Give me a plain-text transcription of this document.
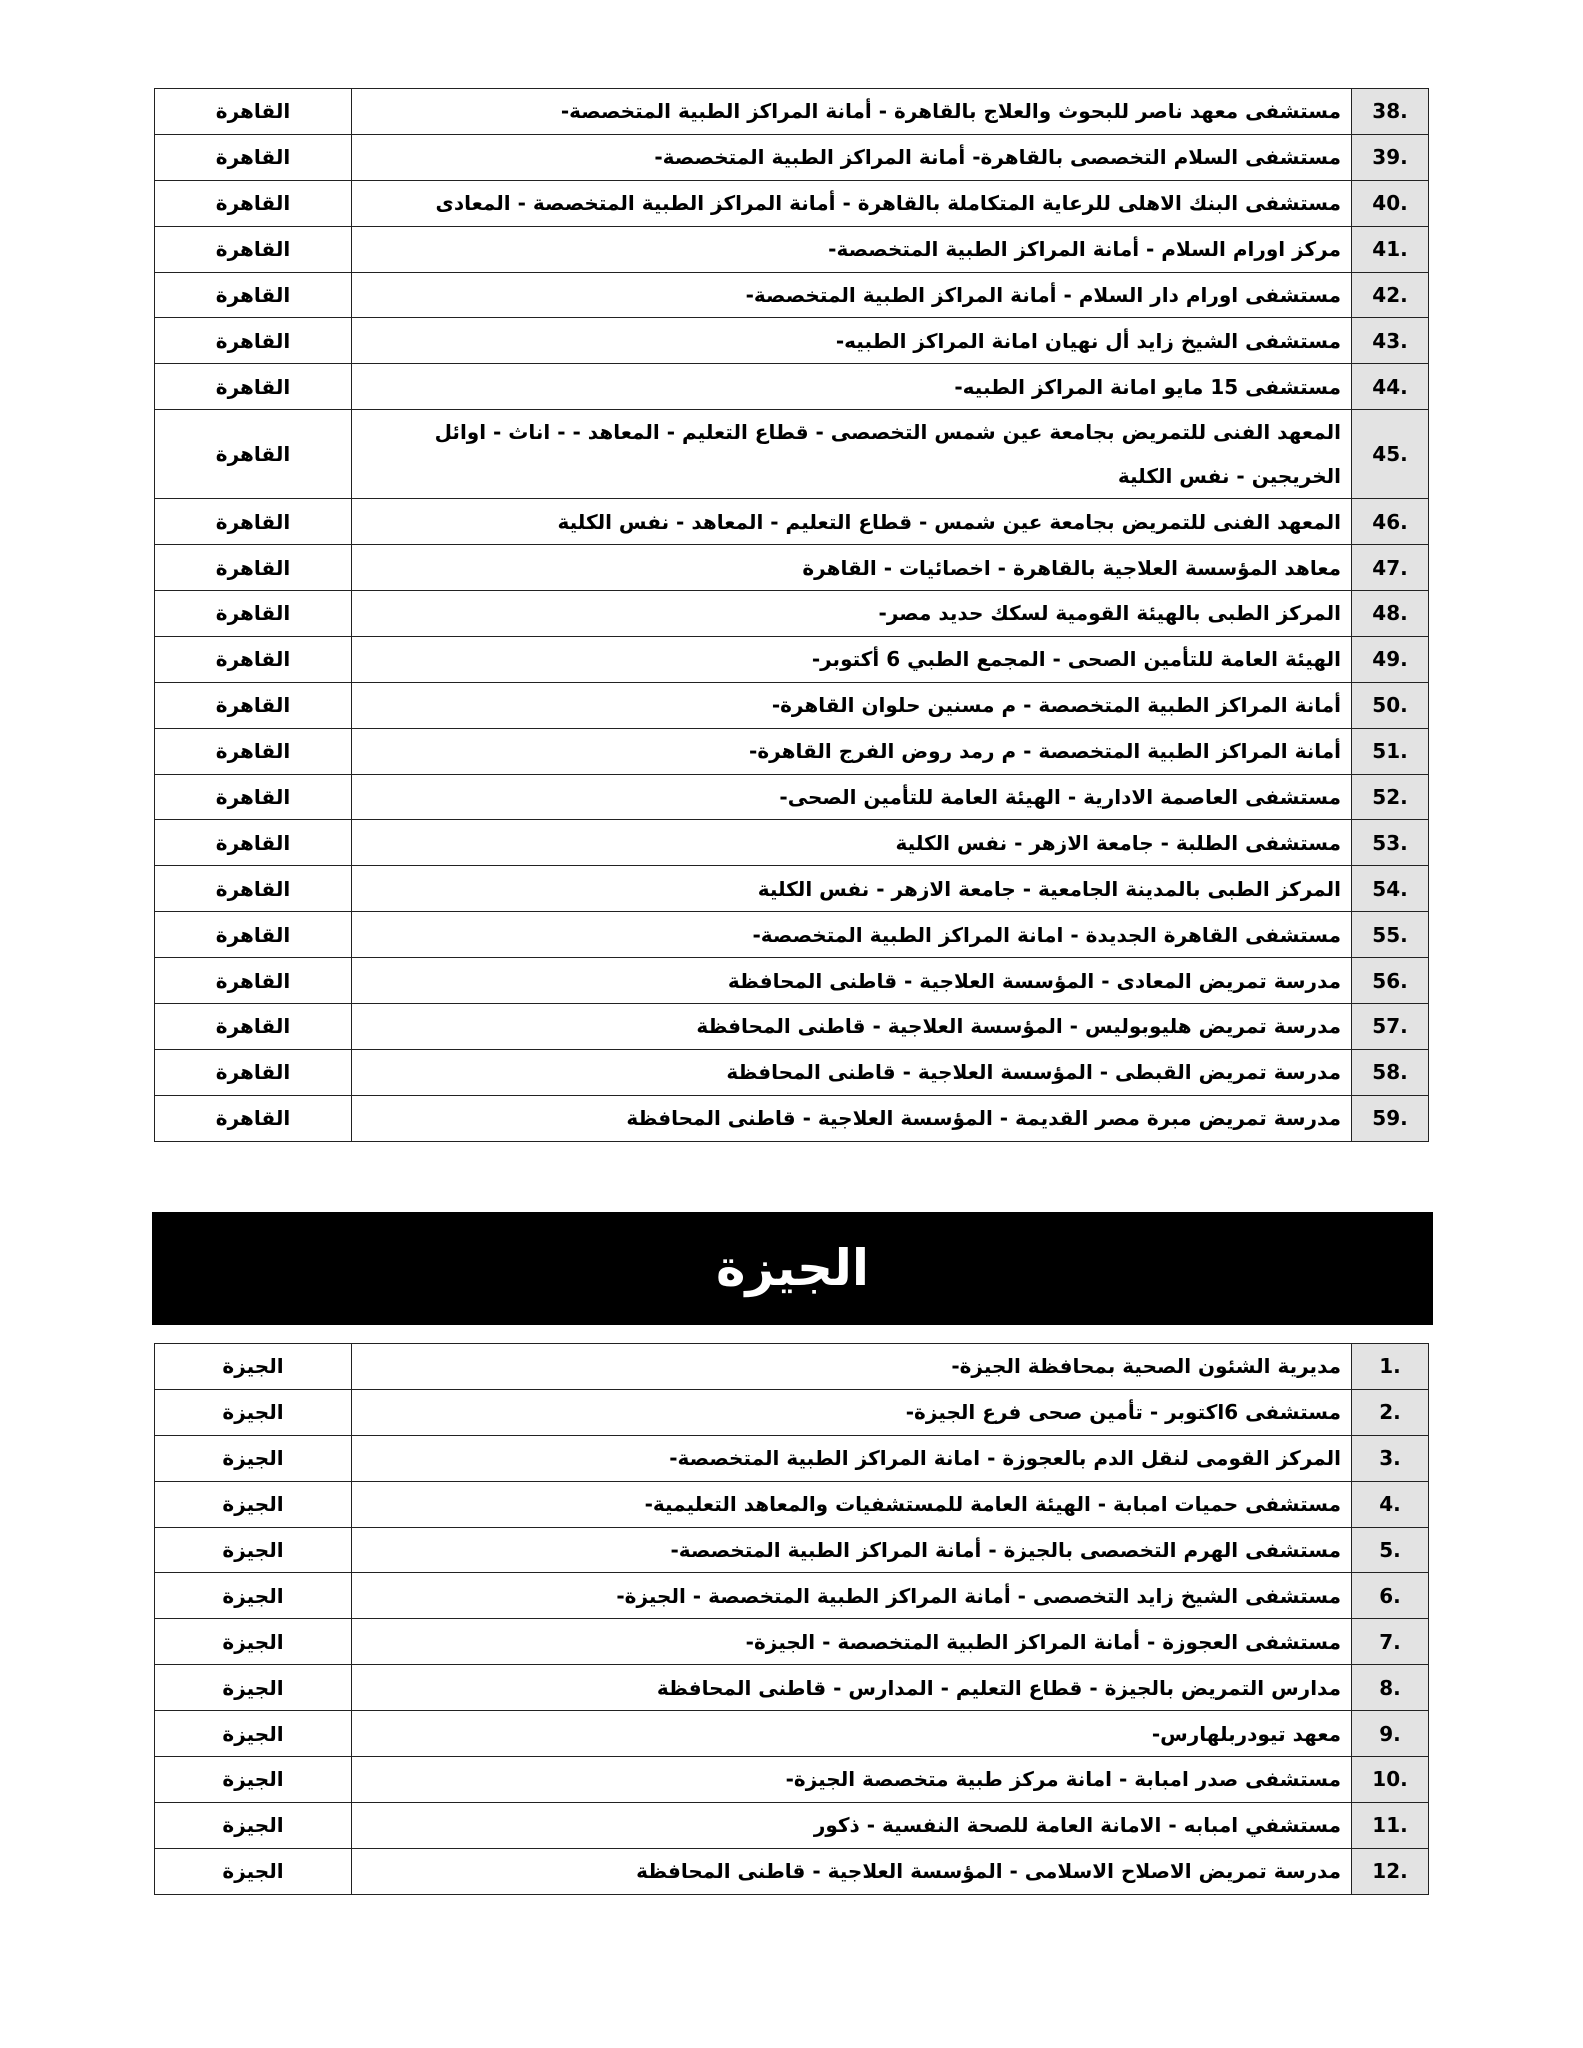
38.	مستشفى معهد ناصر للبحوث والعلاج بالقاهرة - أمانة المراكز الطبية المتخصصة-	القاهرة
39.	مستشفى السلام التخصصى بالقاهرة- أمانة المراكز الطبية المتخصصة-	القاهرة
40.	مستشفى البنك الاهلى للرعاية المتكاملة بالقاهرة - أمانة المراكز الطبية المتخصصة - المعادى	القاهرة
41.	مركز اورام السلام - أمانة المراكز الطبية المتخصصة-	القاهرة
42.	مستشفى اورام دار السلام - أمانة المراكز الطبية المتخصصة-	القاهرة
43.	مستشفى الشيخ زايد أل نهيان امانة المراكز الطبيه-	القاهرة
44.	مستشفى 15 مايو امانة المراكز الطبيه-	القاهرة
45.	المعهد الفنى للتمريض بجامعة عين شمس التخصصى - قطاع التعليم - المعاهد - - اناث - اوائل الخريجين - نفس الكلية	القاهرة
46.	المعهد الفنى للتمريض بجامعة عين شمس - قطاع التعليم - المعاهد - نفس الكلية	القاهرة
47.	معاهد المؤسسة العلاجية بالقاهرة - اخصائيات - القاهرة	القاهرة
48.	المركز الطبى بالهيئة القومية لسكك حديد مصر-	القاهرة
49.	الهيئة العامة للتأمين الصحى - المجمع الطبي 6 أكتوبر-	القاهرة
50.	أمانة المراكز الطبية المتخصصة - م مسنين حلوان القاهرة-	القاهرة
51.	أمانة المراكز الطبية المتخصصة - م رمد روض الفرج القاهرة-	القاهرة
52.	مستشفى العاصمة الادارية - الهيئة العامة للتأمين الصحى-	القاهرة
53.	مستشفى الطلبة - جامعة الازهر - نفس الكلية	القاهرة
54.	المركز الطبى بالمدينة الجامعية - جامعة الازهر - نفس الكلية	القاهرة
55.	مستشفى القاهرة الجديدة - امانة المراكز الطبية المتخصصة-	القاهرة
56.	مدرسة تمريض المعادى - المؤسسة العلاجية - قاطنى المحافظة	القاهرة
57.	مدرسة تمريض هليوبوليس - المؤسسة العلاجية - قاطنى المحافظة	القاهرة
58.	مدرسة تمريض القبطى - المؤسسة العلاجية - قاطنى المحافظة	القاهرة
59.	مدرسة تمريض مبرة مصر القديمة - المؤسسة العلاجية - قاطنى المحافظة	القاهرة
الجيزة
1.	مديرية الشئون الصحية بمحافظة الجيزة-	الجيزة
2.	مستشفى 6اكتوبر - تأمين صحى فرع الجيزة-	الجيزة
3.	المركز القومى لنقل الدم بالعجوزة - امانة المراكز الطبية المتخصصة-	الجيزة
4.	مستشفى حميات امبابة - الهيئة العامة للمستشفيات والمعاهد التعليمية-	الجيزة
5.	مستشفى الهرم التخصصى بالجيزة - أمانة المراكز الطبية المتخصصة-	الجيزة
6.	مستشفى الشيخ زايد التخصصى - أمانة المراكز الطبية المتخصصة - الجيزة-	الجيزة
7.	مستشفى العجوزة - أمانة المراكز الطبية المتخصصة - الجيزة-	الجيزة
8.	مدارس التمريض بالجيزة - قطاع التعليم - المدارس - قاطنى المحافظة	الجيزة
9.	معهد تيودربلهارس-	الجيزة
10.	مستشفى صدر امبابة - امانة مركز طبية متخصصة الجيزة-	الجيزة
11.	مستشفي امبابه - الامانة العامة للصحة النفسية - ذكور	الجيزة
12.	مدرسة تمريض الاصلاح الاسلامى - المؤسسة العلاجية - قاطنى المحافظة	الجيزة
